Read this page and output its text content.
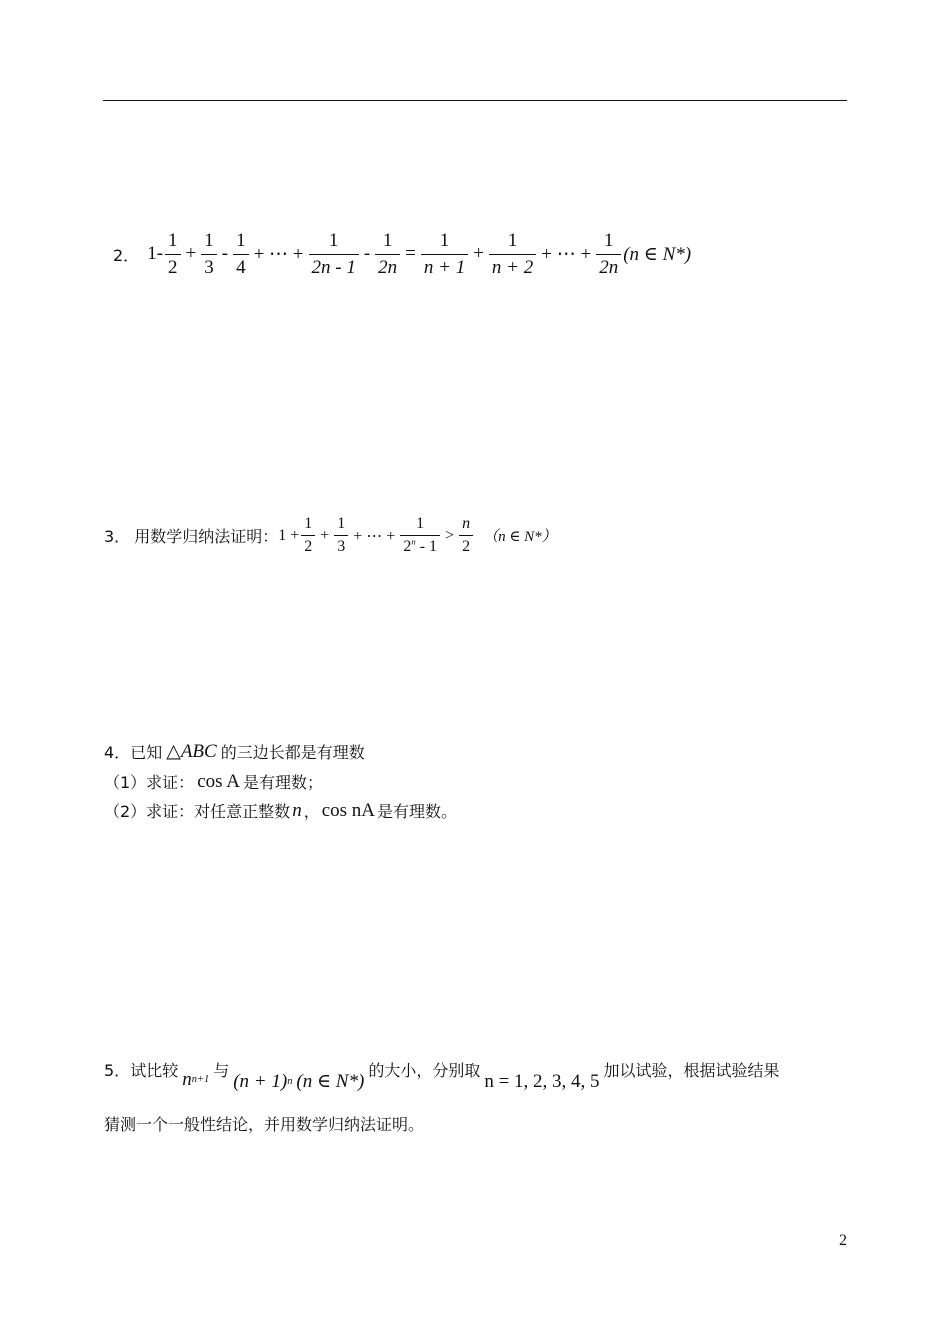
2． $1- \frac{1}{2} + \frac{1}{3} - \frac{1}{4}$ + ⋯ + $\frac{1}{2n - 1} - \frac{1}{2n} = \frac{1}{n + 1} + \frac{1}{n + 2}$ + ⋯ + $\frac{1}{2n} (n$ ∈ N*)
3． 用数学归纳法证明： $1 + \frac{1}{2} + \frac{1}{3}$ + ⋯ + $\frac{1}{2^n - 1} > \frac{n}{2} (n$ ∈ N*）
4． 已知 △ABC 的三边长都是有理数
（1）求证： cos A 是有理数；
（2）求证：对任意正整数 n ， cos nA 是有理数。
5． 试比较 n n+1 与 (n + 1) n (n ∈ N*)
的大小，分别取 n = 1, 2, 3, 4, 5 加以试验，根据试验结果
猜测一个一般性结论，并用数学归纳法证明。
2
